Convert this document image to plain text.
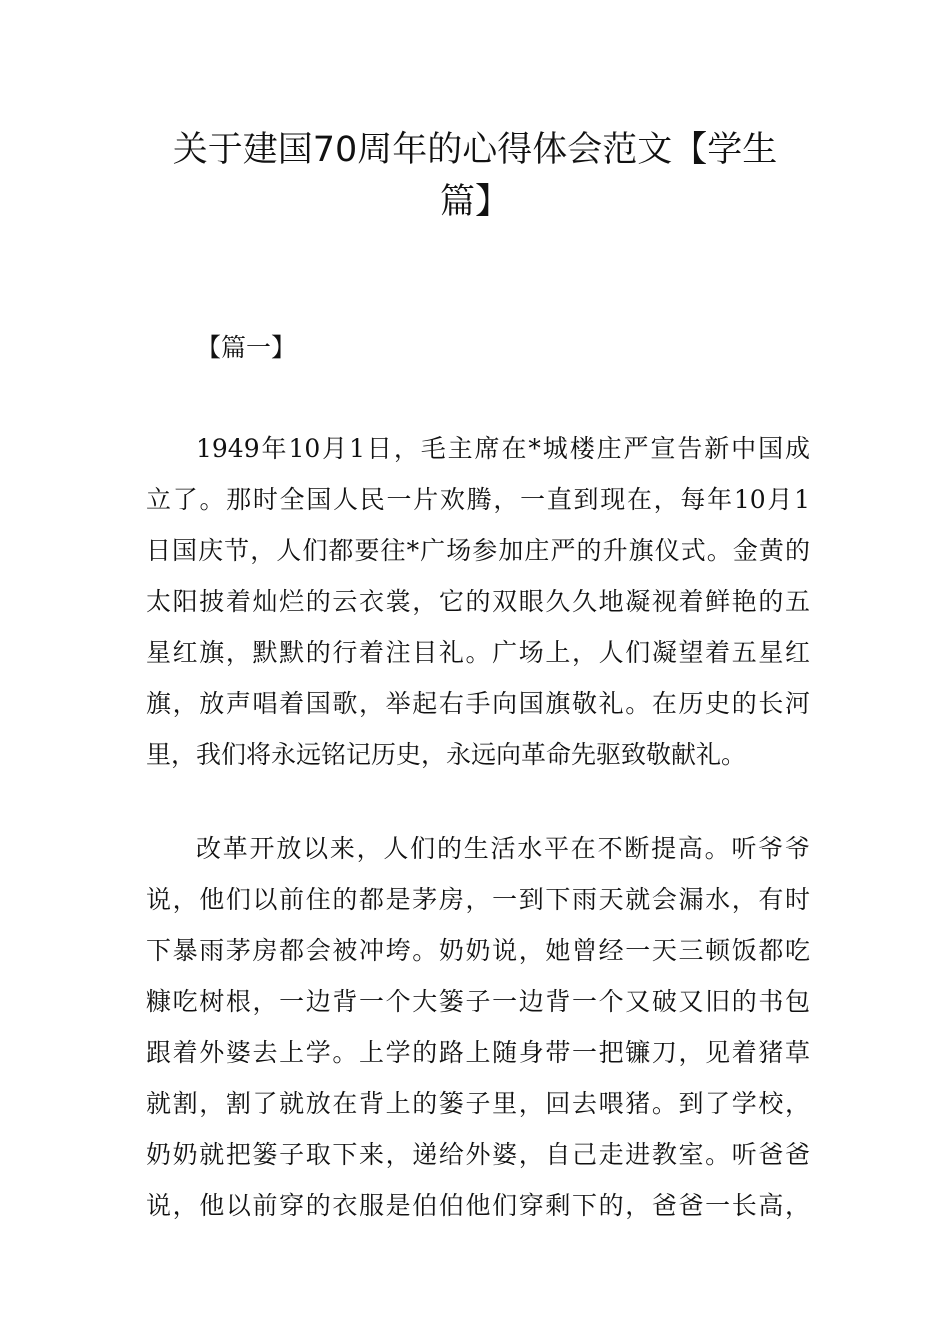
关于建国70周年的心得体会范文【学生
篇】
【篇一】
1949年10月1日，毛主席在*城楼庄严宣告新中国成
立了。那时全国人民一片欢腾，一直到现在，每年10月1
日国庆节，人们都要往*广场参加庄严的升旗仪式。金黄的
太阳披着灿烂的云衣裳，它的双眼久久地凝视着鲜艳的五
星红旗，默默的行着注目礼。广场上，人们凝望着五星红
旗，放声唱着国歌，举起右手向国旗敬礼。在历史的长河
里，我们将永远铭记历史，永远向革命先驱致敬献礼。
改革开放以来，人们的生活水平在不断提高。听爷爷
说，他们以前住的都是茅房，一到下雨天就会漏水，有时
下暴雨茅房都会被冲垮。奶奶说，她曾经一天三顿饭都吃
糠吃树根，一边背一个大篓子一边背一个又破又旧的书包
跟着外婆去上学。上学的路上随身带一把镰刀，见着猪草
就割，割了就放在背上的篓子里，回去喂猪。到了学校，
奶奶就把篓子取下来，递给外婆，自己走进教室。听爸爸
说，他以前穿的衣服是伯伯他们穿剩下的，爸爸一长高，
